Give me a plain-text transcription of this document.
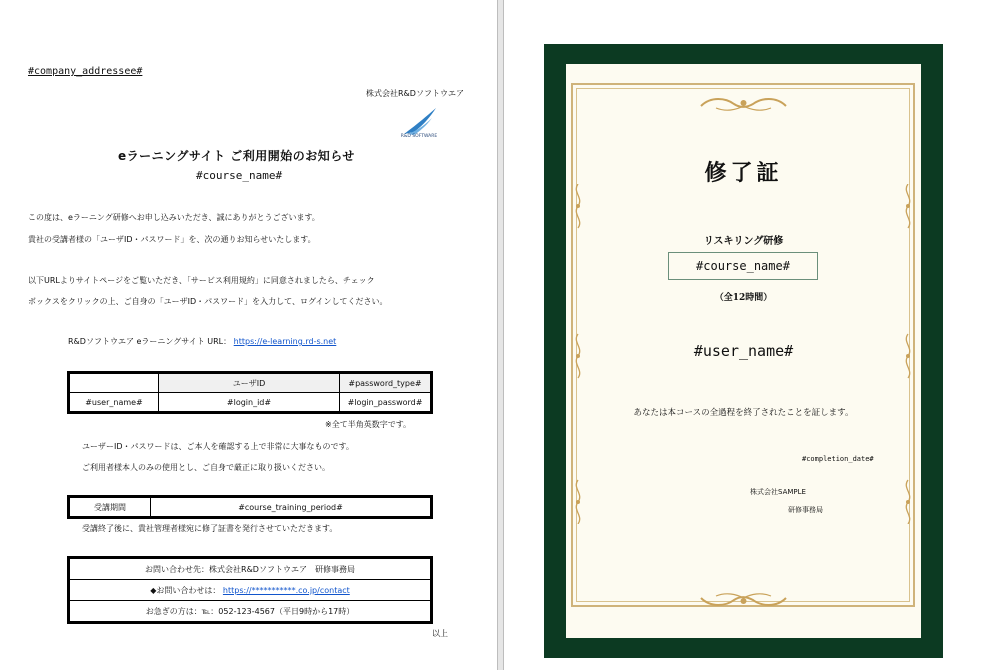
#company_addressee#
株式会社R&Dソフトウエア
R&D SOFTWARE
eラーニングサイト ご利用開始のお知らせ
#course_name#
この度は、eラーニング研修へお申し込みいただき、誠にありがとうございます。
貴社の受講者様の「ユーザID・パスワード」を、次の通りお知らせいたします。
以下URLよりサイトページをご覧いただき、「サービス利用規約」に同意されましたら、チェック
ボックスをクリックの上、ご自身の「ユーザID・パスワード」を入力して、ログインしてください。
R&Dソフトウエア eラーニングサイト URL： https://e-learning.rd-s.net
	ユーザID	#password_type#
#user_name#	#login_id#	#login_password#
※全て半角英数字です。
ユーザーID・パスワードは、ご本人を確認する上で非常に大事なものです。
ご利用者様本人のみの使用とし、ご自身で厳正に取り扱いください。
受講期間	#course_training_period#
受講終了後に、貴社管理者様宛に修了証書を発行させていただきます。
お問い合わせ先：株式会社R&Dソフトウエア　研修事務局
◆お問い合わせは： https://***********.co.jp/contact
お急ぎの方は：℡：052-123-4567（平日9時から17時）
以上
修了証
リスキリング研修
#course_name#
（全12時間）
#user_name#
あなたは本コースの全過程を終了されたことを証します。
#completion_date#
株式会社SAMPLE
研修事務局
